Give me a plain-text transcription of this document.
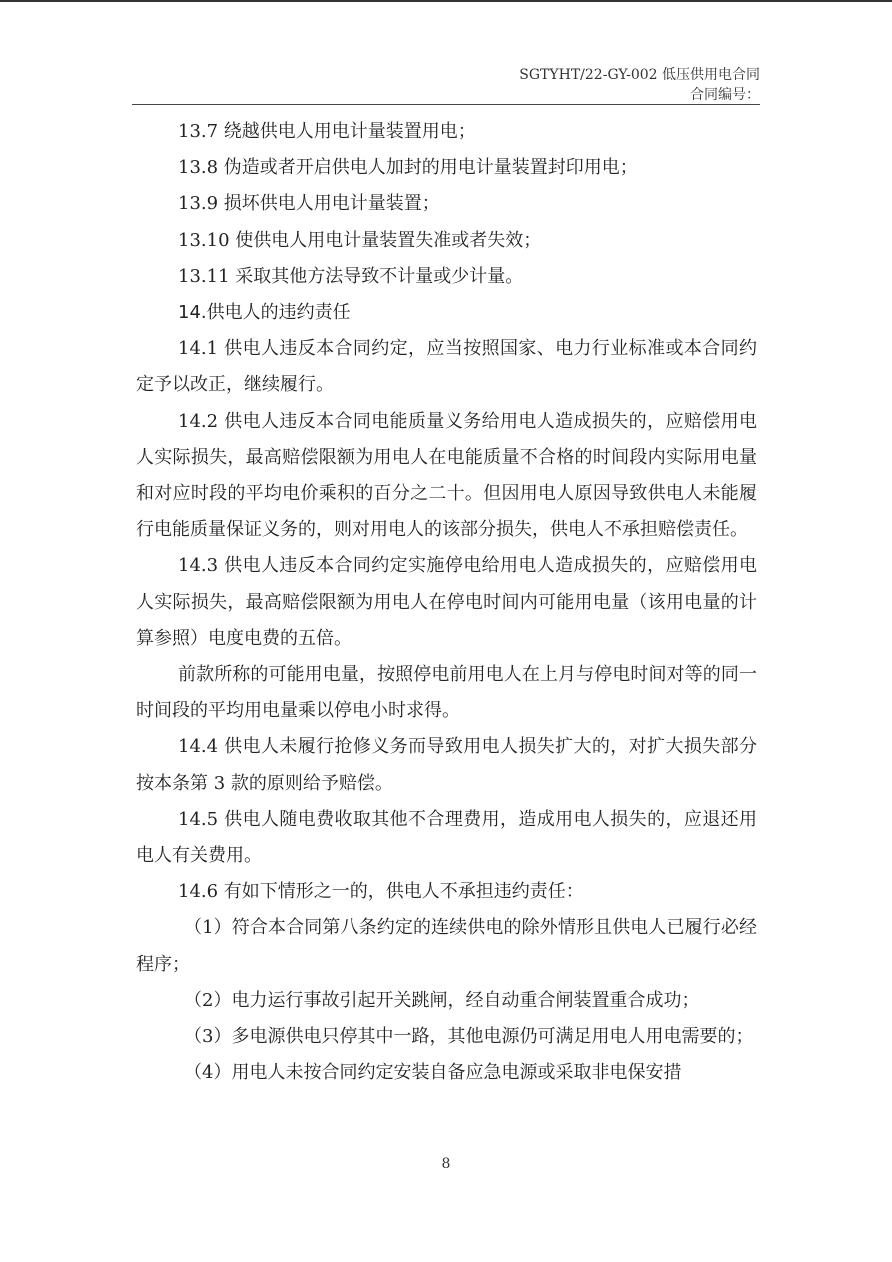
SGTYHT/22-GY-002 低压供用电合同
合同编号：

13.7 绕越供电人用电计量装置用电；

13.8 伪造或者开启供电人加封的用电计量装置封印用电；

13.9 损坏供电人用电计量装置；

13.10 使供电人用电计量装置失准或者失效；

13.11 采取其他方法导致不计量或少计量。

14.供电人的违约责任

14.1 供电人违反本合同约定，应当按照国家、电力行业标准或本合同约定予以改正，继续履行。

14.2 供电人违反本合同电能质量义务给用电人造成损失的，应赔偿用电人实际损失，最高赔偿限额为用电人在电能质量不合格的时间段内实际用电量和对应时段的平均电价乘积的百分之二十。但因用电人原因导致供电人未能履行电能质量保证义务的，则对用电人的该部分损失，供电人不承担赔偿责任。

14.3 供电人违反本合同约定实施停电给用电人造成损失的，应赔偿用电人实际损失，最高赔偿限额为用电人在停电时间内可能用电量（该用电量的计算参照）电度电费的五倍。

前款所称的可能用电量，按照停电前用电人在上月与停电时间对等的同一时间段的平均用电量乘以停电小时求得。

14.4 供电人未履行抢修义务而导致用电人损失扩大的，对扩大损失部分按本条第 3 款的原则给予赔偿。

14.5 供电人随电费收取其他不合理费用，造成用电人损失的，应退还用电人有关费用。

14.6 有如下情形之一的，供电人不承担违约责任：

（1）符合本合同第八条约定的连续供电的除外情形且供电人已履行必经程序；

（2）电力运行事故引起开关跳闸，经自动重合闸装置重合成功；

（3）多电源供电只停其中一路，其他电源仍可满足用电人用电需要的；

（4）用电人未按合同约定安装自备应急电源或采取非电保安措

8
